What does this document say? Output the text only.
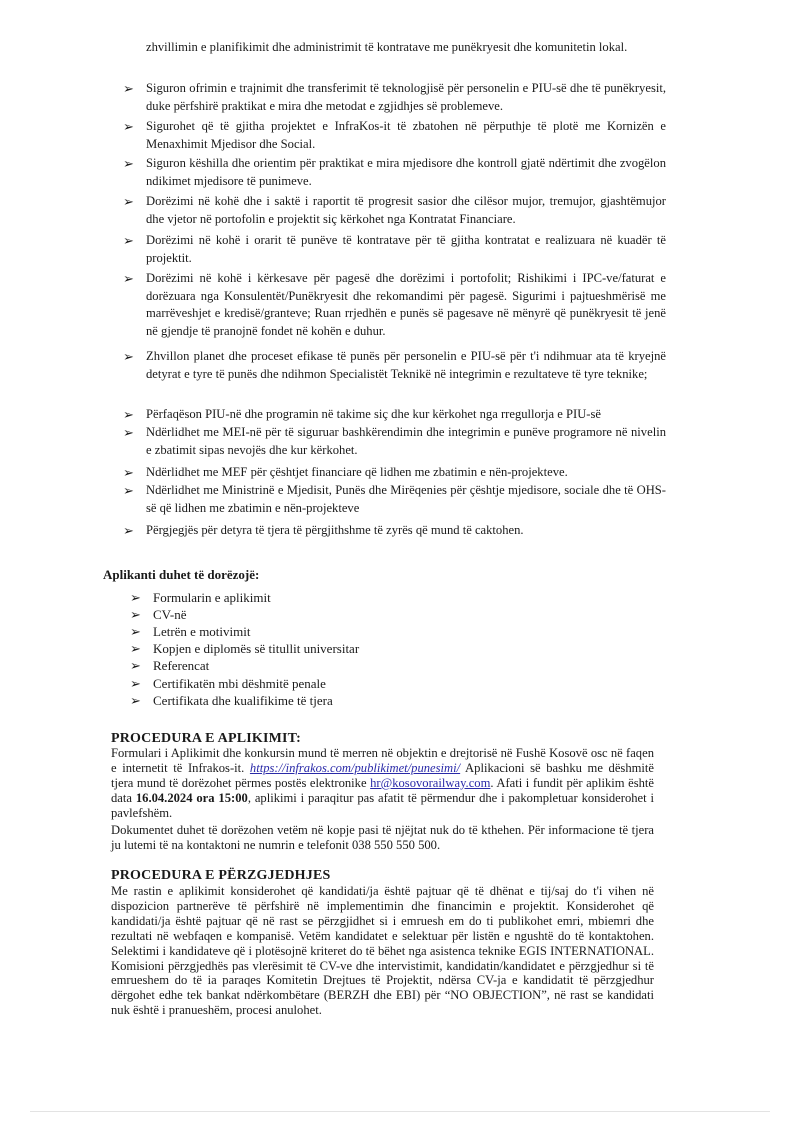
zhvillimin e planifikimit dhe administrimit të kontratave me punëkryesit dhe komunitetin lokal.
➢ Siguron ofrimin e trajnimit dhe transferimit të teknologjisë për personelin e PIU-së dhe të punëkryesit, duke përfshirë praktikat e mira dhe metodat e zgjidhjes së problemeve.
➢ Sigurohet që të gjitha projektet e InfraKos-it të zbatohen në përputhje të plotë me Kornizën e Menaxhimit Mjedisor dhe Social.
➢ Siguron këshilla dhe orientim për praktikat e mira mjedisore dhe kontroll gjatë ndërtimit dhe zvogëlon ndikimet mjedisore të punimeve.
➢ Dorëzimi në kohë dhe i saktë i raportit të progresit sasior dhe cilësor mujor, tremujor, gjashtëmujor dhe vjetor në portofolin e projektit siç kërkohet nga Kontratat Financiare.
➢ Dorëzimi në kohë i orarit të punëve të kontratave për të gjitha kontratat e realizuara në kuadër të projektit.
➢ Dorëzimi në kohë i kërkesave për pagesë dhe dorëzimi i portofolit; Rishikimi i IPC-ve/faturat e dorëzuara nga Konsulentët/Punëkryesit dhe rekomandimi për pagesë. Sigurimi i pajtueshmërisë me marrëveshjet e kredisë/granteve; Ruan rrjedhën e punës së pagesave në mënyrë që punëkryesit të jenë në gjendje të pranojnë fondet në kohën e duhur.
➢ Zhvillon planet dhe proceset efikase të punës për personelin e PIU-së për t'i ndihmuar ata të kryejnë detyrat e tyre të punës dhe ndihmon Specialistët Teknikë në integrimin e rezultateve të tyre teknike;
➢ Përfaqëson PIU-në dhe programin në takime siç dhe kur kërkohet nga rregullorja e PIU-së
➢ Ndërlidhet me MEI-në për të siguruar bashkërendimin dhe integrimin e punëve programore në nivelin e zbatimit sipas nevojës dhe kur kërkohet.
➢ Ndërlidhet me MEF për çështjet financiare që lidhen me zbatimin e nën-projekteve.
➢ Ndërlidhet me Ministrinë e Mjedisit, Punës dhe Mirëqenies për çështje mjedisore, sociale dhe të OHS-së që lidhen me zbatimin e nën-projekteve
➢ Përgjegjës për detyra të tjera të përgjithshme të zyrës që mund të caktohen.
Aplikanti duhet të dorëzojë:
➢ Formularin e aplikimit
➢ CV-në
➢ Letrën e motivimit
➢ Kopjen e diplomës së titullit universitar
➢ Referencat
➢ Certifikatën mbi dëshmitë penale
➢ Certifikata dhe kualifikime të tjera
PROCEDURA E APLIKIMIT:
Formulari i Aplikimit dhe konkursin mund të merren në objektin e drejtorisë në Fushë Kosovë osc në faqen e internetit të Infrakos-it. https://infrakos.com/publikimet/punesimi/ Aplikacioni së bashku me dëshmitë tjera mund të dorëzohet përmes postës elektronike hr@kosovorailway.com. Afati i fundit për aplikim është data 16.04.2024 ora 15:00, aplikimi i paraqitur pas afatit të përmendur dhe i pakompletuar konsiderohet i pavlefshëm.
Dokumentet duhet të dorëzohen vetëm në kopje pasi të njëjtat nuk do të kthehen. Për informacione të tjera ju lutemi të na kontaktoni ne numrin e telefonit 038 550 550 500.
PROCEDURA E PËRZGJEDHJES
Me rastin e aplikimit konsiderohet që kandidati/ja është pajtuar që të dhënat e tij/saj do t'i vihen në dispozicion partnerëve të përfshirë në implementimin dhe financimin e projektit. Konsiderohet që kandidati/ja është pajtuar që në rast se përzgjidhet si i emruesh em do ti publikohet emri, mbiemri dhe rezultati në webfaqen e kompanisë. Vetëm kandidatet e selektuar për listën e ngushtë do të kontaktohen. Selektimi i kandidateve që i plotësojnë kriteret do të bëhet nga asistenca teknike EGIS INTERNATIONAL. Komisioni përzgjedhës pas vlerësimit të CV-ve dhe intervistimit, kandidatin/kandidatet e përzgjedhur si të emrueshem do të ia paraqes Komitetin Drejtues të Projektit, ndërsa CV-ja e kandidatit të përzgjedhur dërgohet edhe tek bankat ndërkombëtare (BERZH dhe EBI) për “NO OBJECTION”, në rast se kandidati nuk është i pranueshëm, procesi anulohet.
